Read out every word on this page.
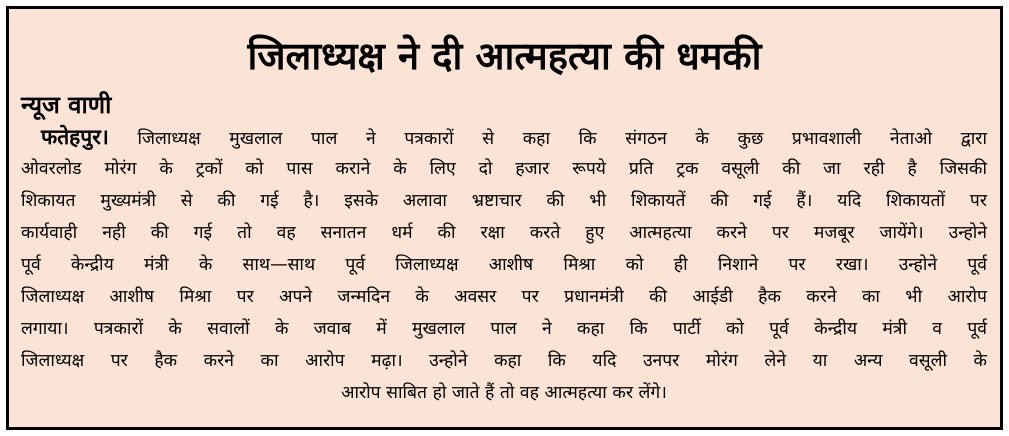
जिलाध्यक्ष ने दी आत्महत्या की धमकी
न्यूज वाणी
फतेहपुर। जिलाध्यक्ष मुखलाल पाल ने पत्रकारों से कहा कि संगठन के कुछ प्रभावशाली नेताओ द्वारा
ओवरलोड मोरंग के ट्रकों को पास कराने के लिए दो हजार रूपये प्रति ट्रक वसूली की जा रही है जिसकी
शिकायत मुख्यमंत्री से की गई है। इसके अलावा भ्रष्टाचार की भी शिकायतें की गई हैं। यदि शिकायतों पर
कार्यवाही नही की गई तो वह सनातन धर्म की रक्षा करते हुए आत्महत्या करने पर मजबूर जायेंगे। उन्होने
पूर्व केन्द्रीय मंत्री के साथ—साथ पूर्व जिलाध्यक्ष आशीष मिश्रा को ही निशाने पर रखा। उन्होने पूर्व
जिलाध्यक्ष आशीष मिश्रा पर अपने जन्मदिन के अवसर पर प्रधानमंत्री की आईडी हैक करने का भी आरोप
लगाया। पत्रकारों के सवालों के जवाब में मुखलाल पाल ने कहा कि पार्टी को पूर्व केन्द्रीय मंत्री व पूर्व
जिलाध्यक्ष पर हैक करने का आरोप मढ़ा। उन्होने कहा कि यदि उनपर मोरंग लेने या अन्य वसूली के
आरोप साबित हो जाते हैं तो वह आत्महत्या कर लेंगे।
